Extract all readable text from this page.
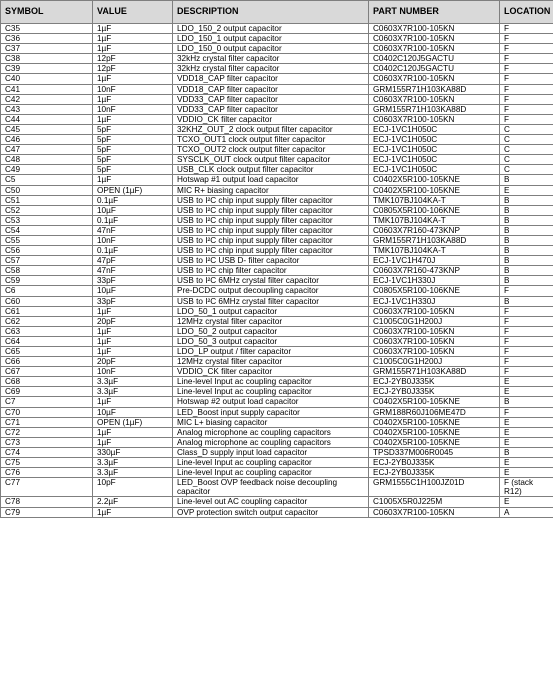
SYMBOL	VALUE	DESCRIPTION	PART NUMBER	LOCATION
C35	1µF	LDO_150_2 output capacitor	C0603X7R100-105KN	F
C36	1µF	LDO_150_1 output capacitor	C0603X7R100-105KN	F
C37	1µF	LDO_150_0 output capacitor	C0603X7R100-105KN	F
C38	12pF	32kHz crystal filter capacitor	C0402C120J5GACTU	F
C39	12pF	32kHz crystal filter capacitor	C0402C120J5GACTU	F
C40	1µF	VDD18_CAP filter capacitor	C0603X7R100-105KN	F
C41	10nF	VDD18_CAP filter capacitor	GRM155R71H103KA88D	F
C42	1µF	VDD33_CAP filter capacitor	C0603X7R100-105KN	F
C43	10nF	VDD33_CAP filter capacitor	GRM155R71H103KA88D	F
C44	1µF	VDDIO_CK filter capacitor	C0603X7R100-105KN	F
C45	5pF	32KHZ_OUT_2 clock output filter capacitor	ECJ-1VC1H050C	C
C46	5pF	TCXO_OUT1 clock output filter capacitor	ECJ-1VC1H050C	C
C47	5pF	TCXO_OUT2 clock output filter capacitor	ECJ-1VC1H050C	C
C48	5pF	SYSCLK_OUT clock output filter capacitor	ECJ-1VC1H050C	C
C49	5pF	USB_CLK clock output filter capacitor	ECJ-1VC1H050C	C
C5	1µF	Hotswap #1 output load capacitor	C0402X5R100-105KNE	B
C50	OPEN (1µF)	MIC R+ biasing capacitor	C0402X5R100-105KNE	E
C51	0.1µF	USB to I²C chip input supply filter capacitor	TMK107BJ104KA-T	B
C52	10µF	USB to I²C chip input supply filter capacitor	C0805X5R100-106KNE	B
C53	0.1µF	USB to I²C chip input supply filter capacitor	TMK107BJ104KA-T	B
C54	47nF	USB to I²C chip input supply filter capacitor	C0603X7R160-473KNP	B
C55	10nF	USB to I²C chip input supply filter capacitor	GRM155R71H103KA88D	B
C56	0.1µF	USB to I²C chip input supply filter capacitor	TMK107BJ104KA-T	B
C57	47pF	USB to I²C USB D- filter capacitor	ECJ-1VC1H470J	B
C58	47nF	USB to I²C chip filter capacitor	C0603X7R160-473KNP	B
C59	33pF	USB to I²C 6MHz crystal filter capacitor	ECJ-1VC1H330J	B
C6	10µF	Pre-DCDC output decoupling capacitor	C0805X5R100-106KNE	F
C60	33pF	USB to I²C 6MHz crystal filter capacitor	ECJ-1VC1H330J	B
C61	1µF	LDO_50_1 output capacitor	C0603X7R100-105KN	F
C62	20pF	12MHz crystal filter capacitor	C1005C0G1H200J	F
C63	1µF	LDO_50_2 output capacitor	C0603X7R100-105KN	F
C64	1µF	LDO_50_3 output capacitor	C0603X7R100-105KN	F
C65	1µF	LDO_LP output / filter capacitor	C0603X7R100-105KN	F
C66	20pF	12MHz crystal filter capacitor	C1005C0G1H200J	F
C67	10nF	VDDIO_CK filter capacitor	GRM155R71H103KA88D	F
C68	3.3µF	Line-level Input ac coupling capacitor	ECJ-2YB0J335K	E
C69	3.3µF	Line-level Input ac coupling capacitor	ECJ-2YB0J335K	E
C7	1µF	Hotswap #2 output load capacitor	C0402X5R100-105KNE	B
C70	10µF	LED_Boost input supply capacitor	GRM188R60J106ME47D	F
C71	OPEN (1µF)	MIC L+ biasing capacitor	C0402X5R100-105KNE	E
C72	1µF	Analog microphone ac coupling capacitors	C0402X5R100-105KNE	E
C73	1µF	Analog microphone ac coupling capacitors	C0402X5R100-105KNE	E
C74	330µF	Class_D supply input load capacitor	TPSD337M006R0045	B
C75	3.3µF	Line-level Input ac coupling capacitor	ECJ-2YB0J335K	E
C76	3.3µF	Line-level Input ac coupling capacitor	ECJ-2YB0J335K	E
C77	10pF	LED_Boost OVP feedback noise decoupling capacitor	GRM1555C1H100JZ01D	F (stack R12)
C78	2.2µF	Line-level out AC coupling capacitor	C1005X5R0J225M	E
C79	1µF	OVP protection switch output capacitor	C0603X7R100-105KN	A
